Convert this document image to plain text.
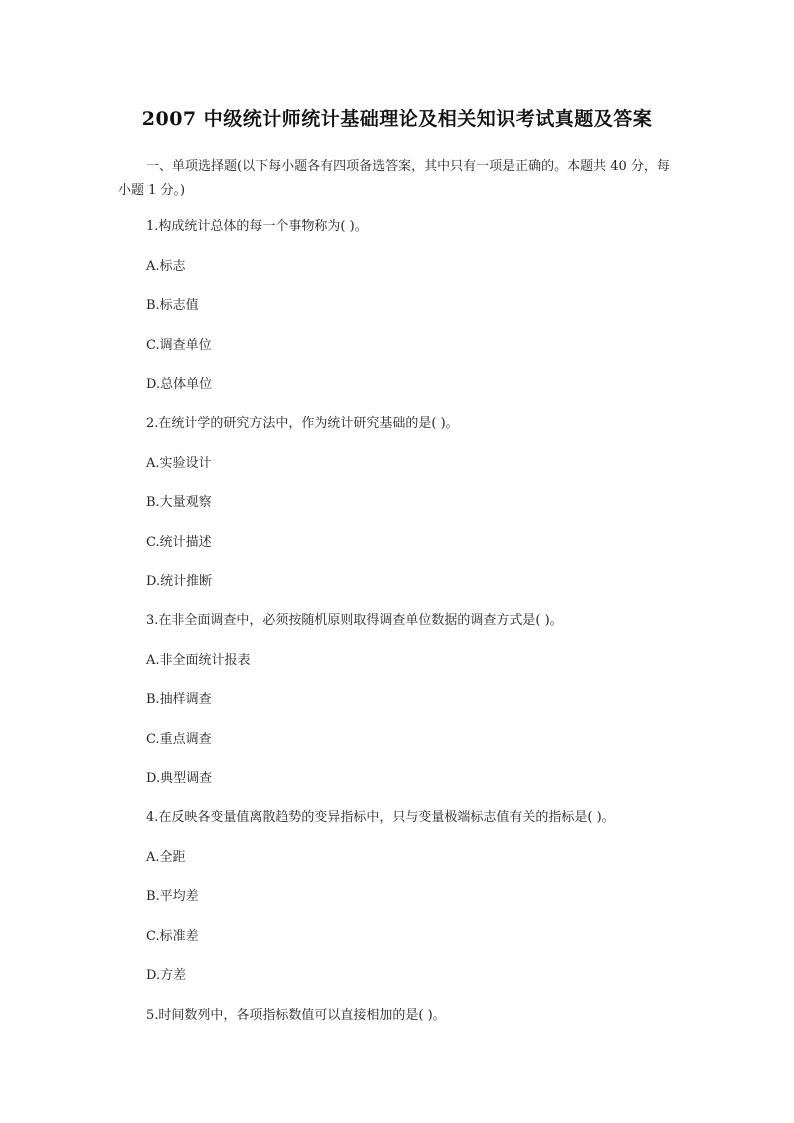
2007 中级统计师统计基础理论及相关知识考试真题及答案
一、单项选择题(以下每小题各有四项备选答案，其中只有一项是正确的。本题共 40 分，每小题 1 分。)
1.构成统计总体的每一个事物称为( )。
A.标志
B.标志值
C.调查单位
D.总体单位
2.在统计学的研究方法中，作为统计研究基础的是( )。
A.实验设计
B.大量观察
C.统计描述
D.统计推断
3.在非全面调查中，必须按随机原则取得调查单位数据的调查方式是( )。
A.非全面统计报表
B.抽样调查
C.重点调查
D.典型调查
4.在反映各变量值离散趋势的变异指标中，只与变量极端标志值有关的指标是( )。
A.全距
B.平均差
C.标准差
D.方差
5.时间数列中，各项指标数值可以直接相加的是( )。
